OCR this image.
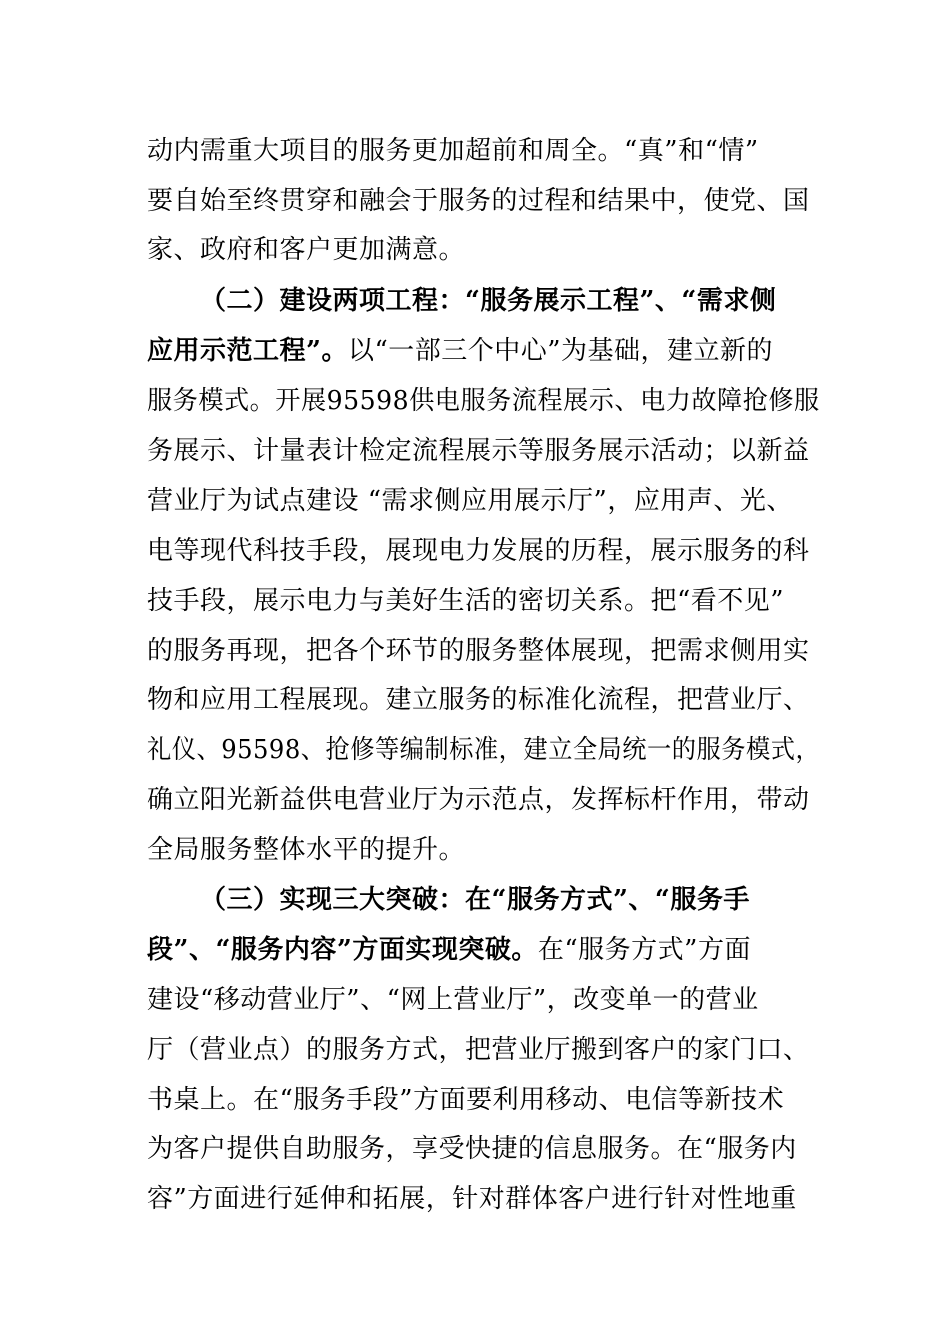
动内需重大项目的服务更加超前和周全。“真”和“情”
要自始至终贯穿和融会于服务的过程和结果中，使党、国
家、政府和客户更加满意。
（二）建设两项工程：“服务展示工程”、“需求侧
应用示范工程”。以“一部三个中心”为基础，建立新的
服务模式。开展95598供电服务流程展示、电力故障抢修服
务展示、计量表计检定流程展示等服务展示活动；以新益
营业厅为试点建设 “需求侧应用展示厅”，应用声、光、
电等现代科技手段，展现电力发展的历程，展示服务的科
技手段，展示电力与美好生活的密切关系。把“看不见”
的服务再现，把各个环节的服务整体展现，把需求侧用实
物和应用工程展现。建立服务的标准化流程，把营业厅、
礼仪、95598、抢修等编制标准，建立全局统一的服务模式，
确立阳光新益供电营业厅为示范点，发挥标杆作用，带动
全局服务整体水平的提升。
（三）实现三大突破：在“服务方式”、“服务手
段”、“服务内容”方面实现突破。在“服务方式”方面
建设“移动营业厅”、“网上营业厅”，改变单一的营业
厅（营业点）的服务方式，把营业厅搬到客户的家门口、
书桌上。在“服务手段”方面要利用移动、电信等新技术
为客户提供自助服务，享受快捷的信息服务。在“服务内
容”方面进行延伸和拓展，针对群体客户进行针对性地重
